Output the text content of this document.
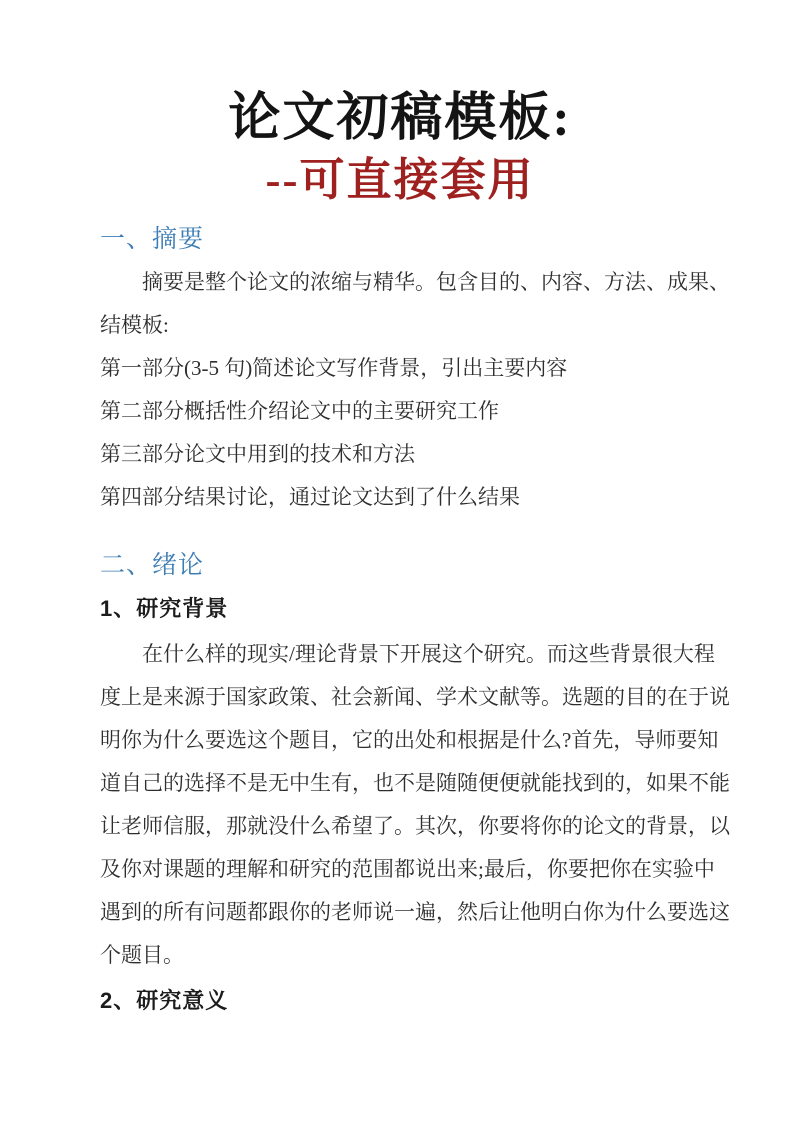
论文初稿模板:
--可直接套用
一、摘要
摘要是整个论文的浓缩与精华。包含目的、内容、方法、成果、
结模板:
第一部分(3-5 句)简述论文写作背景，引出主要内容
第二部分概括性介绍论文中的主要研究工作
第三部分论文中用到的技术和方法
第四部分结果讨论，通过论文达到了什么结果
二、绪论
1、研究背景
在什么样的现实/理论背景下开展这个研究。而这些背景很大程
度上是来源于国家政策、社会新闻、学术文献等。选题的目的在于说
明你为什么要选这个题目，它的出处和根据是什么?首先，导师要知
道自己的选择不是无中生有，也不是随随便便就能找到的，如果不能
让老师信服，那就没什么希望了。其次，你要将你的论文的背景，以
及你对课题的理解和研究的范围都说出来;最后，你要把你在实验中
遇到的所有问题都跟你的老师说一遍，然后让他明白你为什么要选这
个题目。
2、研究意义
